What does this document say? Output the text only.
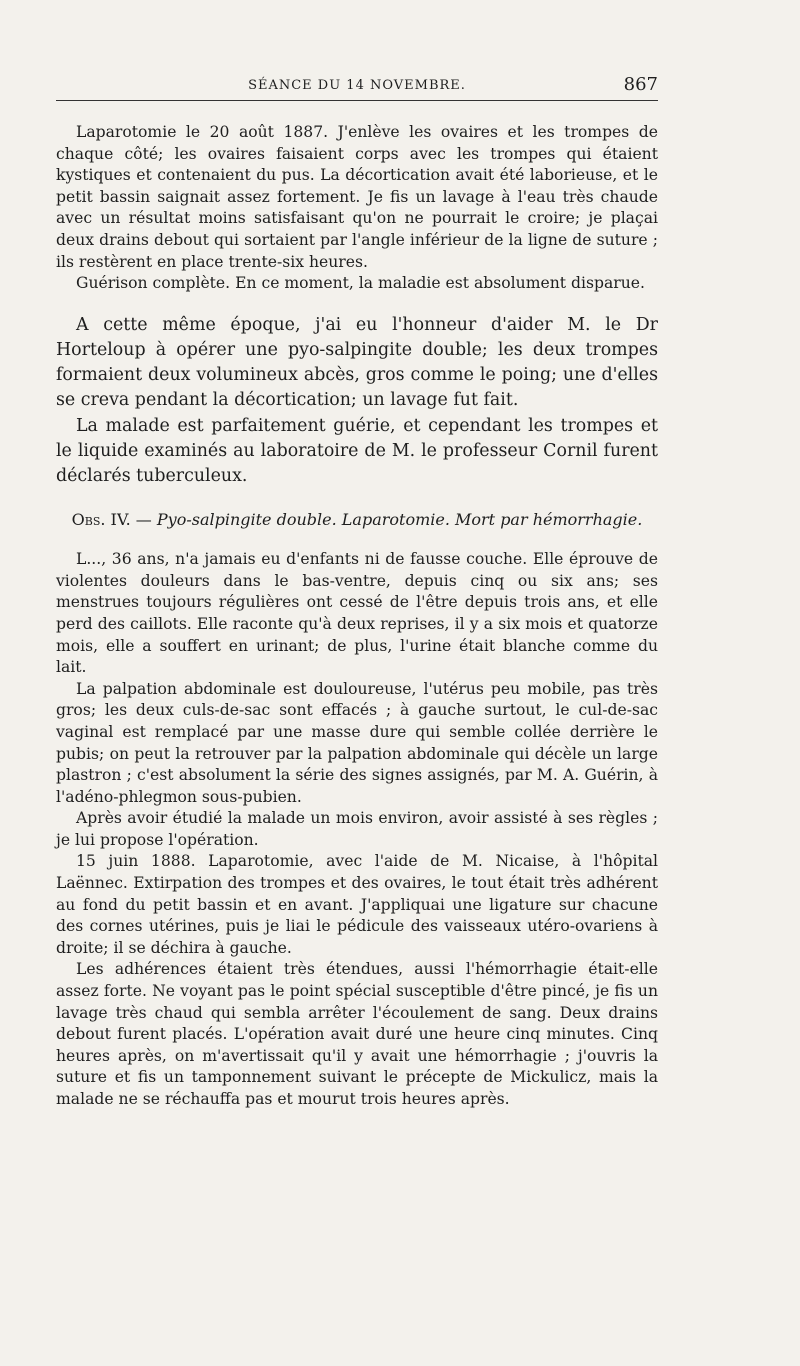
SÉANCE DU 14 NOVEMBRE.	867

Laparotomie le 20 août 1887. J'enlève les ovaires et les trompes de chaque côté; les ovaires faisaient corps avec les trompes qui étaient kystiques et contenaient du pus. La décortication avait été laborieuse, et le petit bassin saignait assez fortement. Je fis un lavage à l'eau très chaude avec un résultat moins satisfaisant qu'on ne pourrait le croire; je plaçai deux drains debout qui sortaient par l'angle inférieur de la ligne de suture ; ils restèrent en place trente-six heures.

Guérison complète. En ce moment, la maladie est absolument disparue.

A cette même époque, j'ai eu l'honneur d'aider M. le Dr Horteloup à opérer une pyo-salpingite double; les deux trompes formaient deux volumineux abcès, gros comme le poing; une d'elles se creva pendant la décortication; un lavage fut fait.

La malade est parfaitement guérie, et cependant les trompes et le liquide examinés au laboratoire de M. le professeur Cornil furent déclarés tuberculeux.

Obs. IV. — Pyo-salpingite double. Laparotomie. Mort par hémorrhagie.

L..., 36 ans, n'a jamais eu d'enfants ni de fausse couche. Elle éprouve de violentes douleurs dans le bas-ventre, depuis cinq ou six ans; ses menstrues toujours régulières ont cessé de l'être depuis trois ans, et elle perd des caillots. Elle raconte qu'à deux reprises, il y a six mois et quatorze mois, elle a souffert en urinant; de plus, l'urine était blanche comme du lait.

La palpation abdominale est douloureuse, l'utérus peu mobile, pas très gros; les deux culs-de-sac sont effacés ; à gauche surtout, le cul-de-sac vaginal est remplacé par une masse dure qui semble collée derrière le pubis; on peut la retrouver par la palpation abdominale qui décèle un large plastron ; c'est absolument la série des signes assignés, par M. A. Guérin, à l'adéno-phlegmon sous-pubien.

Après avoir étudié la malade un mois environ, avoir assisté à ses règles ; je lui propose l'opération.

15 juin 1888. Laparotomie, avec l'aide de M. Nicaise, à l'hôpital Laënnec. Extirpation des trompes et des ovaires, le tout était très adhérent au fond du petit bassin et en avant. J'appliquai une ligature sur chacune des cornes utérines, puis je liai le pédicule des vaisseaux utéro-ovariens à droite; il se déchira à gauche.

Les adhérences étaient très étendues, aussi l'hémorrhagie était-elle assez forte. Ne voyant pas le point spécial susceptible d'être pincé, je fis un lavage très chaud qui sembla arrêter l'écoulement de sang. Deux drains debout furent placés. L'opération avait duré une heure cinq minutes. Cinq heures après, on m'avertissait qu'il y avait une hémorrhagie ; j'ouvris la suture et fis un tamponnement suivant le précepte de Mickulicz, mais la malade ne se réchauffa pas et mourut trois heures après.
